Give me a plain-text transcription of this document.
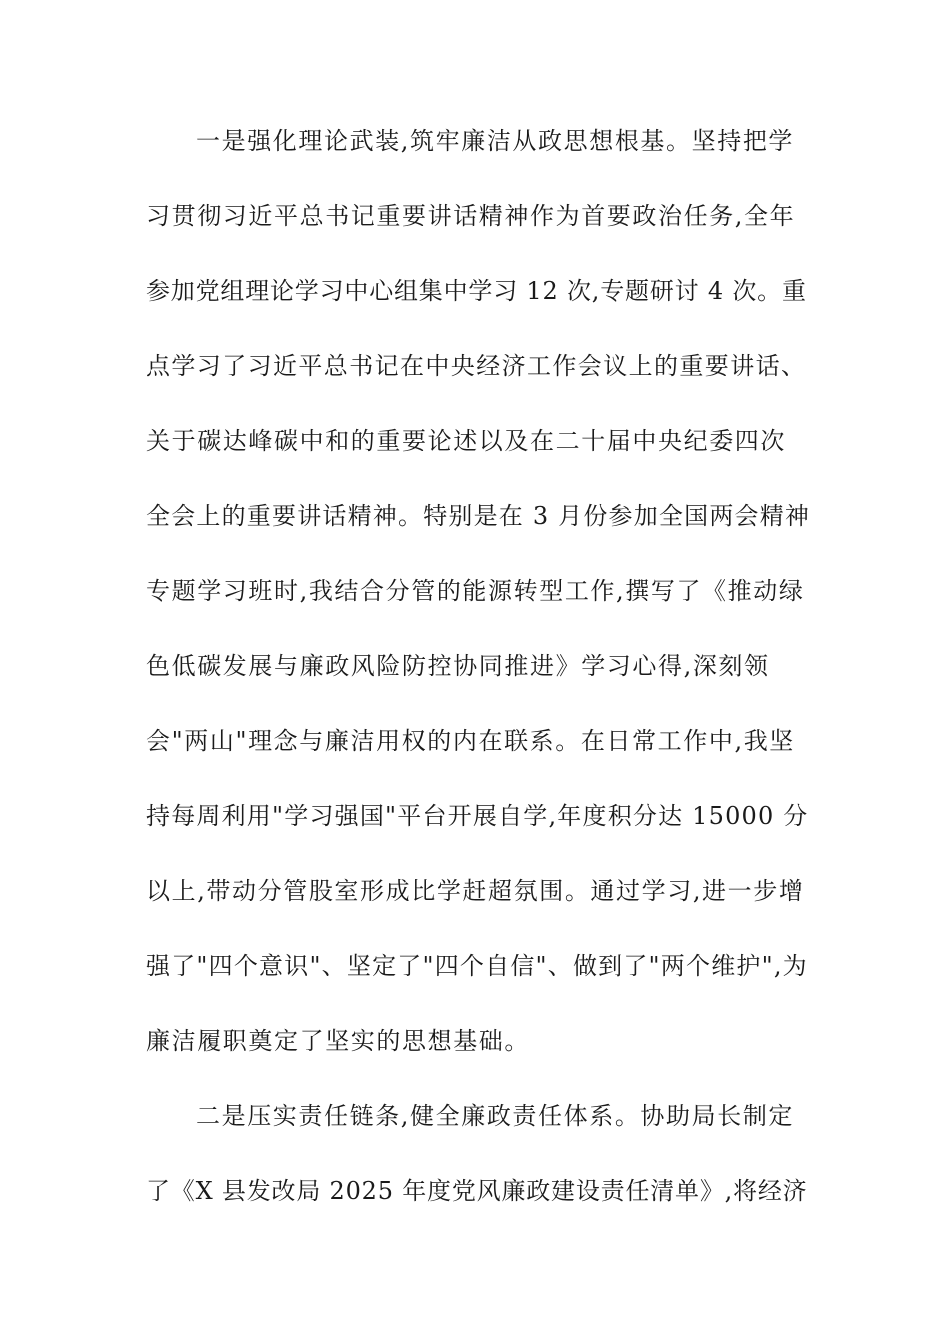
一是强化理论武装,筑牢廉洁从政思想根基。坚持把学
习贯彻习近平总书记重要讲话精神作为首要政治任务,全年
参加党组理论学习中心组集中学习 12 次,专题研讨 4 次。重
点学习了习近平总书记在中央经济工作会议上的重要讲话、
关于碳达峰碳中和的重要论述以及在二十届中央纪委四次
全会上的重要讲话精神。特别是在 3 月份参加全国两会精神
专题学习班时,我结合分管的能源转型工作,撰写了《推动绿
色低碳发展与廉政风险防控协同推进》学习心得,深刻领
会"两山"理念与廉洁用权的内在联系。在日常工作中,我坚
持每周利用"学习强国"平台开展自学,年度积分达 15000 分
以上,带动分管股室形成比学赶超氛围。通过学习,进一步增
强了"四个意识"、坚定了"四个自信"、做到了"两个维护",为
廉洁履职奠定了坚实的思想基础。
二是压实责任链条,健全廉政责任体系。协助局长制定
了《X 县发改局 2025 年度党风廉政建设责任清单》,将经济
